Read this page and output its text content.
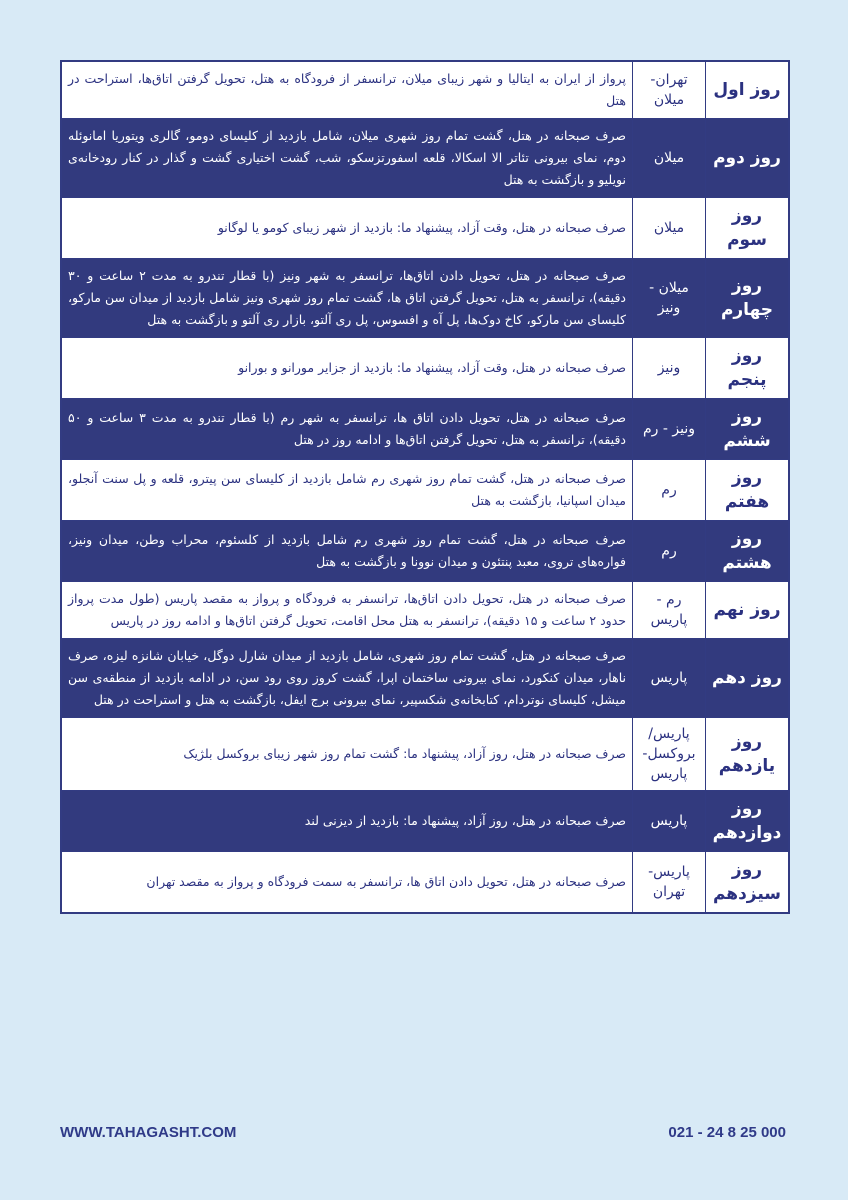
روز اول	تهران- میلان	پرواز از ایران به ایتالیا و شهر زیبای میلان، ترانسفر از فرودگاه به هتل، تحویل گرفتن اتاق‌ها، استراحت در هتل
روز دوم	میلان	صرف صبحانه در هتل، گشت تمام روز شهری میلان، شامل بازدید از کلیسای دومو، گالری ویتوریا امانوئله دوم، نمای بیرونی تئاتر الا اسکالا، قلعه اسفورتزسکو، شب، گشت اختیاری گشت و گذار در کنار رودخانه‌ی نویلیو و بازگشت به هتل
روز سوم	میلان	صرف صبحانه در هتل، وقت آزاد، پیشنهاد ما: بازدید از شهر زیبای کومو یا لوگانو
روز چهارم	میلان - ونیز	صرف صبحانه در هتل، تحویل دادن اتاق‌ها، ترانسفر به شهر ونیز (با قطار تندرو به مدت ۲ ساعت و ۳۰ دقیقه)، ترانسفر به هتل، تحویل گرفتن اتاق ها، گشت تمام روز شهری ونیز شامل بازدید از میدان سن مارکو، کلیسای سن مارکو، کاخ دوک‌ها، پل آه و افسوس، پل ری آلتو، بازار ری آلتو و بازگشت به هتل
روز پنجم	ونیز	صرف صبحانه در هتل، وقت آزاد، پیشنهاد ما: بازدید از جزایر مورانو و بورانو
روز ششم	ونیز - رم	صرف صبحانه در هتل، تحویل دادن اتاق ها، ترانسفر به شهر رم (با قطار تندرو به مدت ۳ ساعت و ۵۰ دقیقه)، ترانسفر به هتل، تحویل گرفتن اتاق‌ها و ادامه روز در هتل
روز هفتم	رم	صرف صبحانه در هتل، گشت تمام روز شهری رم شامل بازدید از کلیسای سن پیترو، قلعه و پل سنت آنجلو، میدان اسپانیا، بازگشت به هتل
روز هشتم	رم	صرف صبحانه در هتل، گشت تمام روز شهری رم شامل بازدید از کلسئوم، محراب وطن، میدان ونیز، فواره‌های تروی، معبد پنتئون و میدان نوونا و بازگشت به هتل
روز نهم	رم - پاریس	صرف صبحانه در هتل، تحویل دادن اتاق‌ها، ترانسفر به فرودگاه و پرواز به مقصد پاریس (طول مدت پرواز حدود ۲ ساعت و ۱۵ دقیقه)، ترانسفر به هتل محل اقامت، تحویل گرفتن اتاق‌ها و ادامه روز در پاریس
روز دهم	پاریس	صرف صبحانه در هتل، گشت تمام روز شهری، شامل بازدید از میدان شارل دوگل، خیابان شانزه لیزه، صرف ناهار، میدان کنکورد، نمای بیرونی ساختمان اپرا، گشت کروز روی رود سن، در ادامه بازدید از منطقه‌ی سن میشل، کلیسای نوتردام، کتابخانه‌ی شکسپیر، نمای بیرونی برج ایفل، بازگشت به هتل و استراحت در هتل
روز یازدهم	پاریس/ بروکسل- پاریس	صرف صبحانه در هتل، روز آزاد، پیشنهاد ما: گشت تمام روز شهر زیبای بروکسل بلژیک
روز دوازدهم	پاریس	صرف صبحانه در هتل، روز آزاد، پیشنهاد ما: بازدید از دیزنی لند
روز سیزدهم	پاریس- تهران	صرف صبحانه در هتل، تحویل دادن اتاق ها، ترانسفر به سمت فرودگاه و پرواز به مقصد تهران
WWW.TAHAGASHT.COM	021 - 24 8 25 000
